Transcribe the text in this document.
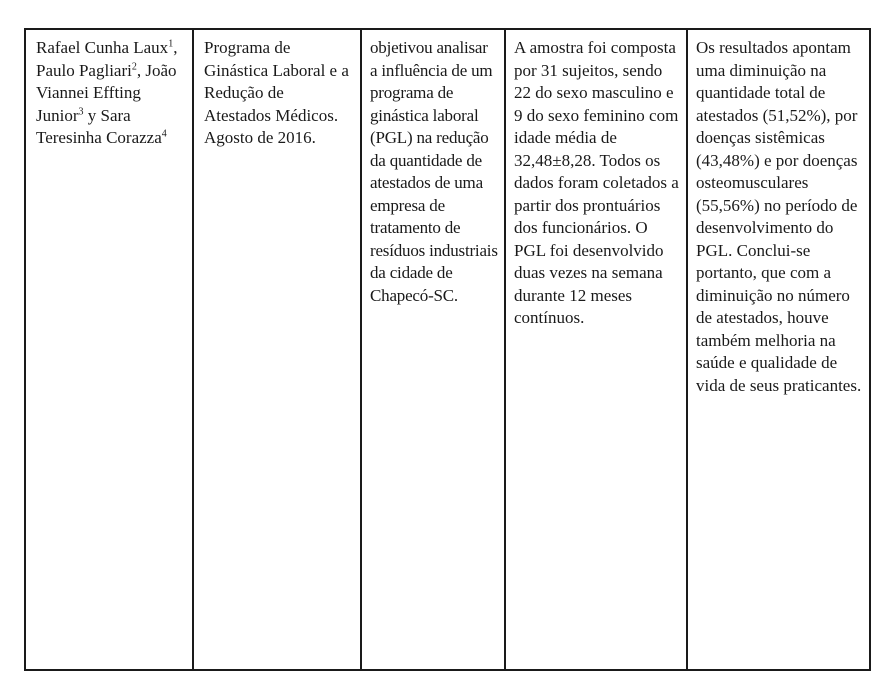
Rafael Cunha Laux$^1$, Paulo Pagliari$^2$, João Viannei Effting Junior$^3$ y Sara Teresinha Corazza$^4$
Programa de Ginástica Laboral e a Redução de Atestados Médicos. Agosto de 2016.
objetivou analisar a influência de um programa de ginástica laboral (PGL) na redução da quantidade de atestados de uma empresa de tratamento de resíduos industriais da cidade de Chapecó-SC.
A amostra foi composta por 31 sujeitos, sendo 22 do sexo masculino e 9 do sexo feminino com idade média de 32,48±8,28. Todos os dados foram coletados a partir dos prontuários dos funcionários. O PGL foi desenvolvido duas vezes na semana durante 12 meses contínuos.
Os resultados apontam uma diminuição na quantidade total de atestados (51,52%), por doenças sistêmicas (43,48%) e por doenças osteomusculares (55,56%) no período de desenvolvimento do PGL. Conclui-se portanto, que com a diminuição no número de atestados, houve também melhoria na saúde e qualidade de vida de seus praticantes.
